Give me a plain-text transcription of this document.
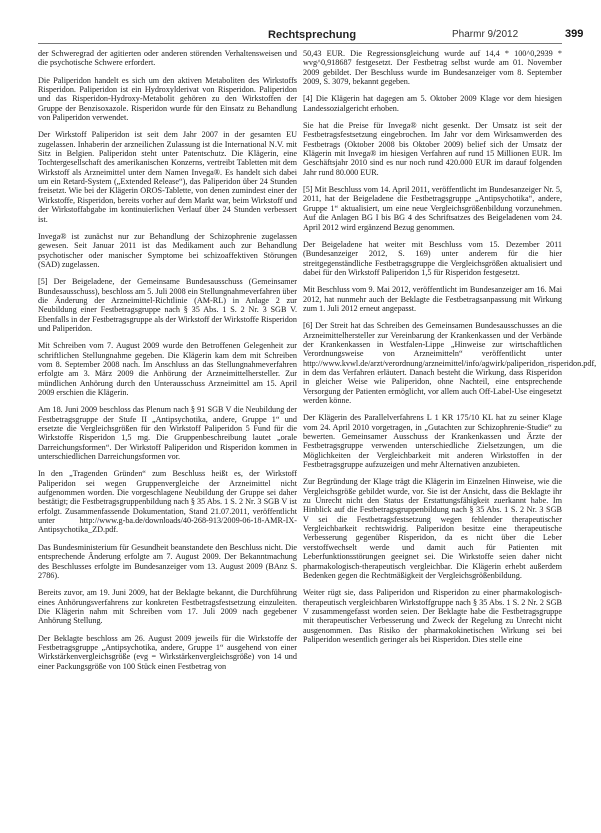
Rechtsprechung	Pharmr 9/2012	399

der Schweregrad der agitierten oder anderen störenden Verhaltensweisen und die psychotische Schwere erfordert.

Die Paliperidon handelt es sich um den aktiven Metaboliten des Wirkstoffs Risperidon. Paliperidon ist ein Hydroxylderivat von Risperidon. Paliperidon und das Risperidon-Hydroxy-Metabolit gehören zu den Wirkstoffen der Gruppe der Benzisoxazole. Risperidon wurde für den Einsatz zu Behandlung von Paliperidon verwendet.

Der Wirkstoff Paliperidon ist seit dem Jahr 2007 in der gesamten EU zugelassen. Inhaberin der arzneilichen Zulassung ist die International N.V. mit Sitz in Belgien. Paliperidon steht unter Patentschutz. Die Klägerin, eine Tochtergesellschaft des amerikanischen Konzerns, vertreibt Tabletten mit dem Wirkstoff als Arzneimittel unter dem Namen Invega®. Es handelt sich dabei um ein Retard-System („Extended Release“), das Paliperidon über 24 Stunden freisetzt. Wie bei der Klägerin OROS-Tablette, von denen zumindest einer der Wirkstoffe, Risperidon, bereits vorher auf dem Markt war, beim Wirkstoff und der Wirkstoffabgabe im kontinuierlichen Verlauf über 24 Stunden verbessert ist.

Invega® ist zunächst nur zur Behandlung der Schizophrenie zugelassen gewesen. Seit Januar 2011 ist das Medikament auch zur Behandlung psychotischer oder manischer Symptome bei schizoaffektiven Störungen (SAD) zugelassen.

[5] Der Beigeladene, der Gemeinsame Bundesausschuss (Gemeinsamer Bundesausschuss), beschloss am 5. Juli 2008 ein Stellungnahmeverfahren über die Änderung der Arzneimittel-Richtlinie (AM-RL) in Anlage 2 zur Neubildung einer Festbetragsgruppe nach § 35 Abs. 1 S. 2 Nr. 3 SGB V. Ebenfalls in der Festbetragsgruppe als der Wirkstoff der Wirkstoffe Risperidon und Paliperidon.

Mit Schreiben vom 7. August 2009 wurde den Betroffenen Gelegenheit zur schriftlichen Stellungnahme gegeben. Die Klägerin kam dem mit Schreiben vom 8. September 2008 nach. Im Anschluss an das Stellungnahmeverfahren erfolgte am 3. März 2009 die Anhörung der Arzneimittelhersteller. Zur mündlichen Anhörung durch den Unterausschuss Arzneimittel am 15. April 2009 erschien die Klägerin.

Am 18. Juni 2009 beschloss das Plenum nach § 91 SGB V die Neubildung der Festbetragsgruppe der Stufe II „Antipsychotika, andere, Gruppe 1“ und ersetzte die Vergleichsgrößen für den Wirkstoff Paliperidon 5 Fund für die Wirkstoffe Risperidon 1,5 mg. Die Gruppenbeschreibung lautet „orale Darreichungsformen“. Der Wirkstoff Paliperidon und Risperidon kommen in unterschiedlichen Darreichungsformen vor.

In den „Tragenden Gründen“ zum Beschluss heißt es, der Wirkstoff Paliperidon sei wegen Gruppenvergleiche der Arzneimittel nicht aufgenommen worden. Die vorgeschlagene Neubildung der Gruppe sei daher bestätigt; die Festbetragsgruppenbildung nach § 35 Abs. 1 S. 2 Nr. 3 SGB V ist erfolgt. Zusammenfassende Dokumentation, Stand 21.07.2011, veröffentlicht unter http://www.g-ba.de/downloads/40-268-913/2009-06-18-AMR-IX-Antipsychotika_ZD.pdf.

Das Bundesministerium für Gesundheit beanstandete den Beschluss nicht. Die entsprechende Änderung erfolgte am 7. August 2009. Der Bekanntmachung des Beschlusses erfolgte im Bundesanzeiger vom 13. August 2009 (BAnz S. 2786).

Bereits zuvor, am 19. Juni 2009, hat der Beklagte bekannt, die Durchführung eines Anhörungsverfahrens zur konkreten Festbetragsfestsetzung einzuleiten. Die Klägerin nahm mit Schreiben vom 17. Juli 2009 nach gegebener Anhörung Stellung.

Der Beklagte beschloss am 26. August 2009 jeweils für die Wirkstoffe der Festbetragsgruppe „Antipsychotika, andere, Gruppe 1“ ausgehend von einer Wirkstärkenvergleichsgröße (evg = Wirkstärkenvergleichsgröße) von 14 und einer Packungsgröße von 100 Stück einen Festbetrag von

50,43 EUR. Die Regressionsgleichung wurde auf 14,4 * 100^0,2939 * wvg^0,918687 festgesetzt. Der Festbetrag selbst wurde am 01. November 2009 gebildet. Der Beschluss wurde im Bundesanzeiger vom 8. September 2009, S. 3079, bekannt gegeben.

[4] Die Klägerin hat dagegen am 5. Oktober 2009 Klage vor dem hiesigen Landessozialgericht erhoben.

Sie hat die Preise für Invega® nicht gesenkt. Der Umsatz ist seit der Festbetragsfestsetzung eingebrochen. Im Jahr vor dem Wirksamwerden des Festbetrags (Oktober 2008 bis Oktober 2009) belief sich der Umsatz der Klägerin mit Invega® im hiesigen Verfahren auf rund 15 Millionen EUR. Im Geschäftsjahr 2010 sind es nur noch rund 420.000 EUR im darauf folgenden Jahr rund 80.000 EUR.

[5] Mit Beschluss vom 14. April 2011, veröffentlicht im Bundesanzeiger Nr. 5, 2011, hat der Beigeladene die Festbetragsgruppe „Antipsychotika“, andere, Gruppe 1“ aktualisiert, um eine neue Vergleichsgrößenbildung vorzunehmen. Auf die Anlagen BG I bis BG 4 des Schriftsatzes des Beigeladenen vom 24. April 2012 wird ergänzend Bezug genommen.

Der Beigeladene hat weiter mit Beschluss vom 15. Dezember 2011 (Bundesanzeiger 2012, S. 169) unter anderem für die hier streitgegenständliche Festbetragsgruppe die Vergleichsgrößen aktualisiert und dabei für den Wirkstoff Paliperidon 1,5 für Risperidon festgesetzt.

Mit Beschluss vom 9. Mai 2012, veröffentlicht im Bundesanzeiger am 16. Mai 2012, hat nunmehr auch der Beklagte die Festbetragsanpassung mit Wirkung zum 1. Juli 2012 erneut angepasst.

[6] Der Streit hat das Schreiben des Gemeinsamen Bundesausschusses an die Arzneimittelhersteller zur Vereinbarung der Krankenkassen und der Verbände der Krankenkassen in Westfalen-Lippe „Hinweise zur wirtschaftlichen Verordnungsweise von Arzneimitteln“ veröffentlicht unter http://www.kvwl.de/arzt/verordnung/arzneimittel/info/agwirk/paliperidon_risperidon.pdf, in dem das Verfahren erläutert. Danach besteht die Wirkung, dass Risperidon in gleicher Weise wie Paliperidon, ohne Nachteil, eine entsprechende Versorgung der Patienten ermöglicht, vor allem auch Off-Label-Use eingesetzt werden könne.

Der Klägerin des Parallelverfahrens L 1 KR 175/10 KL hat zu seiner Klage vom 24. April 2010 vorgetragen, in „Gutachten zur Schizophrenie-Studie“ zu bewerten. Gemeinsamer Ausschuss der Krankenkassen und Ärzte der Festbetragsgruppe verwenden unterschiedliche Zielsetzungen, um die Möglichkeiten der Vergleichbarkeit mit anderen Wirkstoffen in der Festbetragsgruppe aufzuzeigen und mehr Alternativen anzubieten.

Zur Begründung der Klage trägt die Klägerin im Einzelnen Hinweise, wie die Vergleichsgröße gebildet wurde, vor. Sie ist der Ansicht, dass die Beklagte ihr zu Unrecht nicht den Status der Erstattungsfähigkeit zuerkannt habe. Im Hinblick auf die Festbetragsgruppenbildung nach § 35 Abs. 1 S. 2 Nr. 3 SGB V sei die Festbetragsfestsetzung wegen fehlender therapeutischer Vergleichbarkeit rechtswidrig. Paliperidon besitze eine therapeutische Verbesserung gegenüber Risperidon, da es nicht über die Leber verstoffwechselt werde und damit auch für Patienten mit Leberfunktionsstörungen geeignet sei. Die Wirkstoffe seien daher nicht pharmakologisch-therapeutisch vergleichbar. Die Klägerin erhebt außerdem Bedenken gegen die Rechtmäßigkeit der Vergleichsgrößenbildung.

Weiter rügt sie, dass Paliperidon und Risperidon zu einer pharmakologisch-therapeutisch vergleichbaren Wirkstoffgruppe nach § 35 Abs. 1 S. 2 Nr. 2 SGB V zusammengefasst worden seien. Der Beklagte habe die Festbetragsgruppe mit therapeutischer Verbesserung und Zweck der Regelung zu Unrecht nicht ausgenommen. Das Risiko der pharmakokinetischen Wirkung sei bei Paliperidon wesentlich geringer als bei Risperidon. Dies stelle eine
